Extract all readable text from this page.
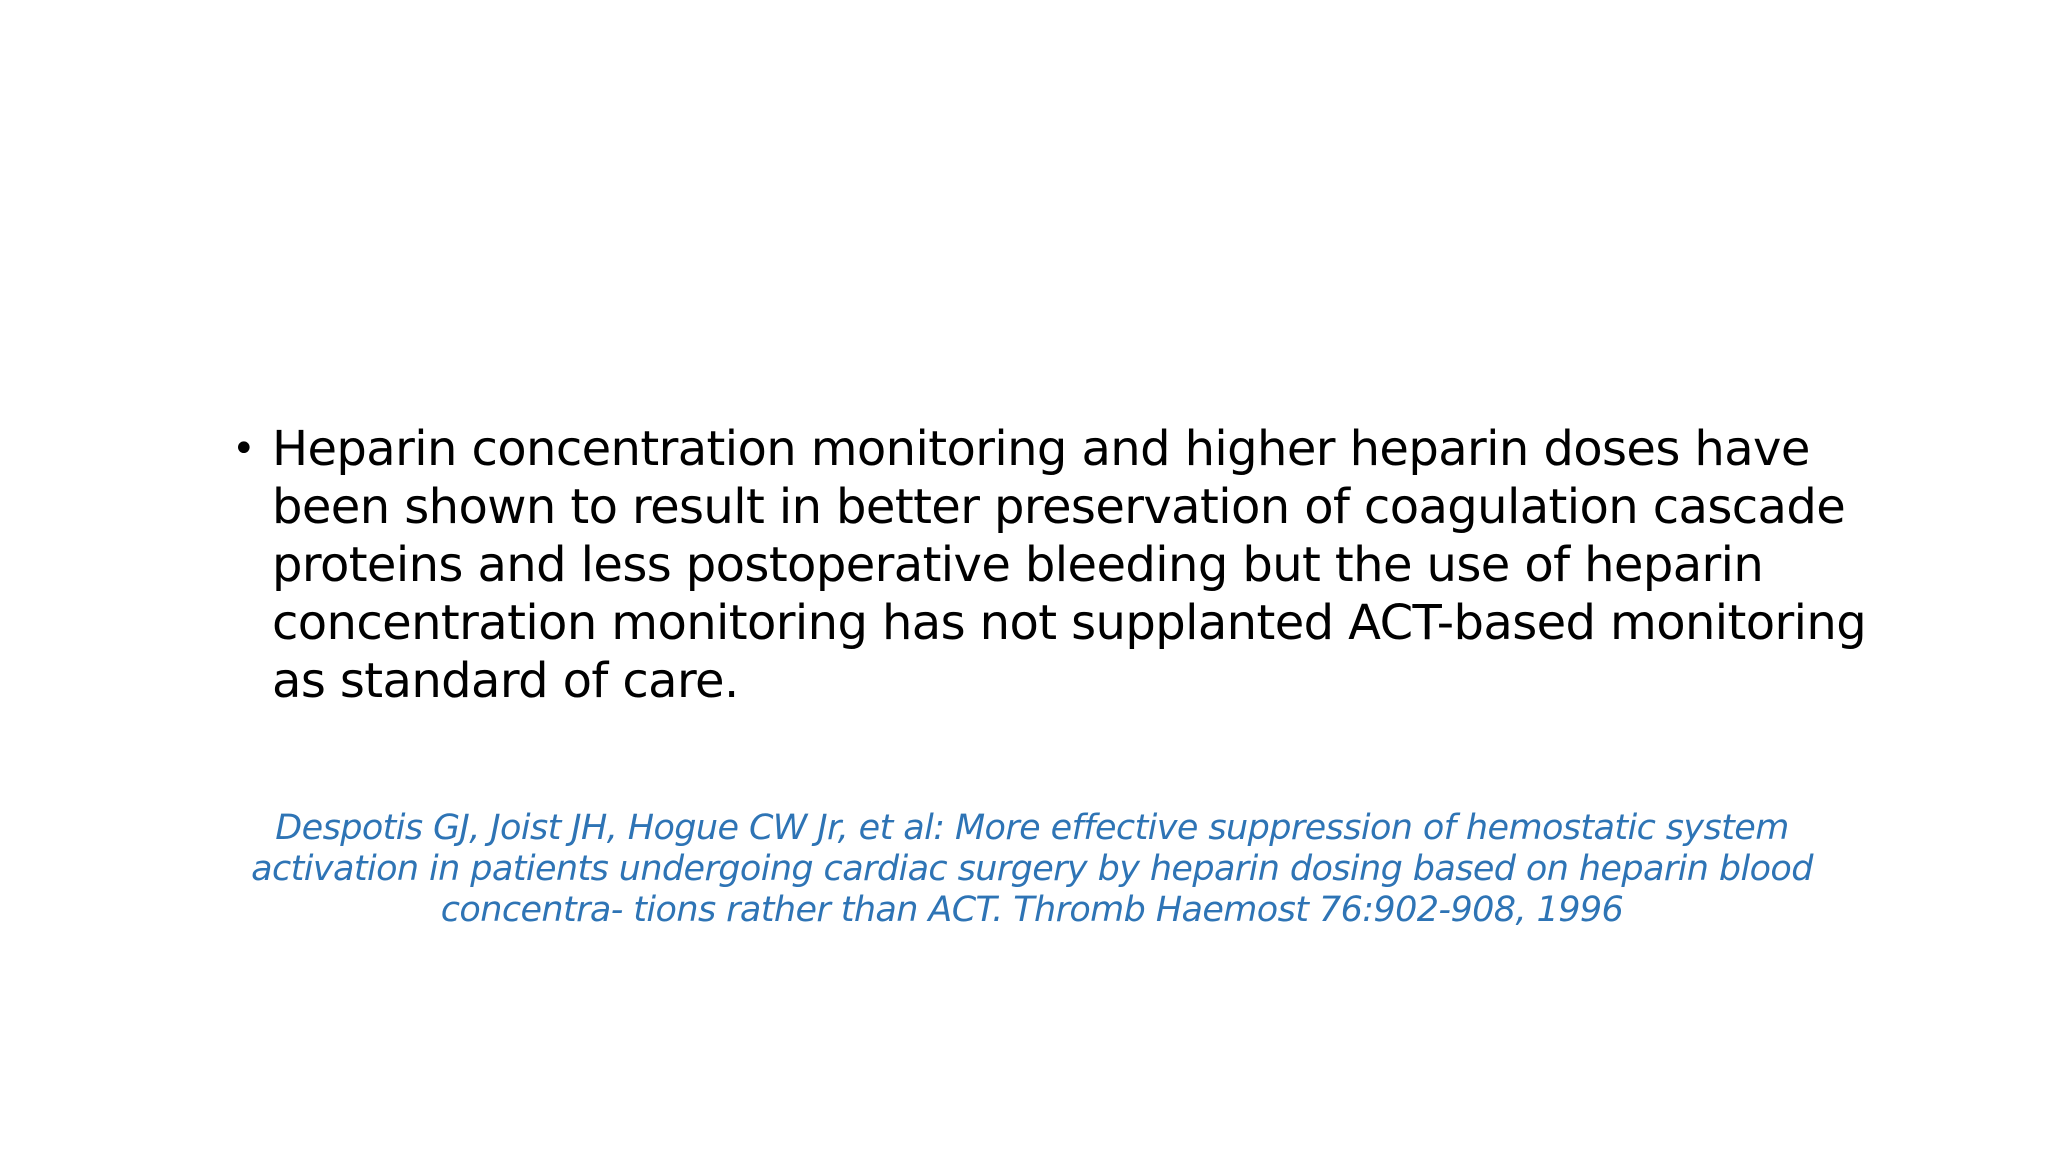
• Heparin concentration monitoring and higher heparin doses have been shown to result in better preservation of coagulation cascade proteins and less postoperative bleeding but the use of heparin concentration monitoring has not supplanted ACT-based monitoring as standard of care.

Despotis GJ, Joist JH, Hogue CW Jr, et al: More effective suppression of hemostatic system activation in patients undergoing cardiac surgery by heparin dosing based on heparin blood concentra- tions rather than ACT. Thromb Haemost 76:902-908, 1996
